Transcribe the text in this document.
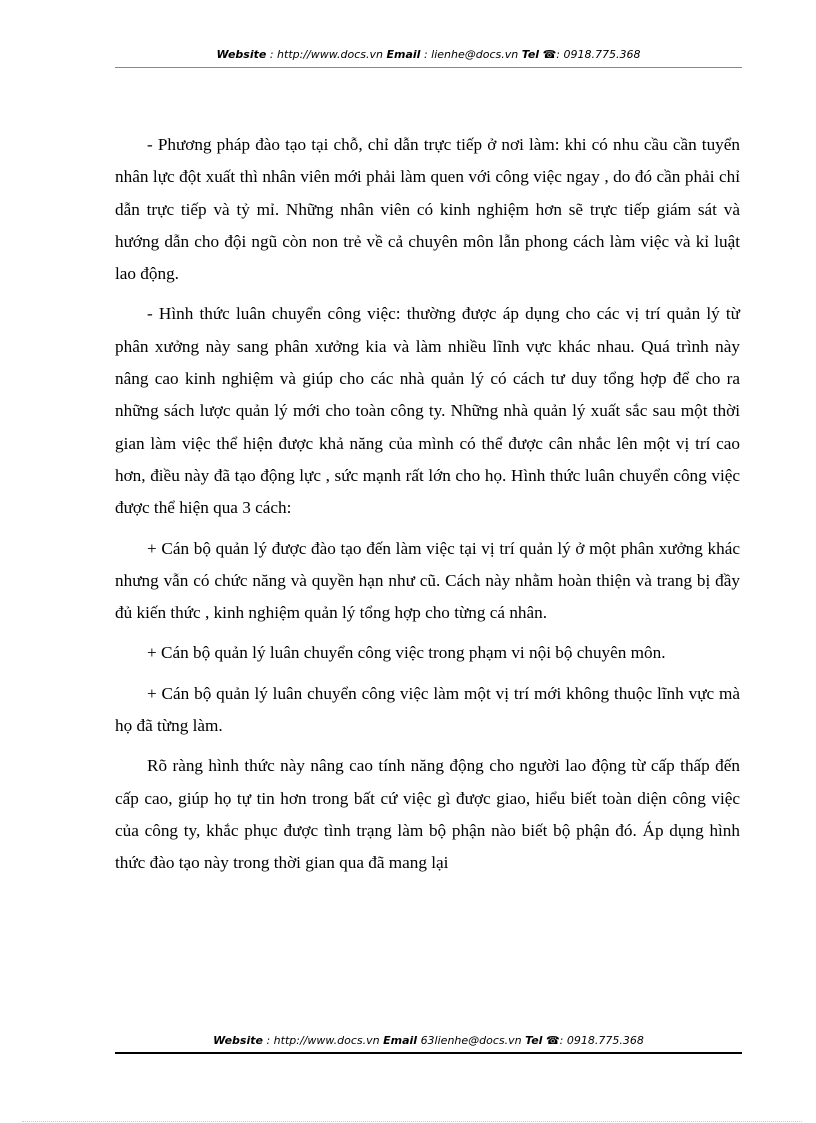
Website : http://www.docs.vn Email : lienhe@docs.vn Tel ☎: 0918.775.368

- Phương pháp đào tạo tại chỗ, chỉ dẫn trực tiếp ở nơi làm: khi có nhu cầu cần tuyển nhân lực đột xuất thì nhân viên mới phải làm quen với công việc ngay , do đó cần phải chỉ dẫn trực tiếp và tỷ mỉ. Những nhân viên có kinh nghiệm hơn sẽ trực tiếp giám sát và hướng dẫn cho đội ngũ còn non trẻ về cả chuyên môn lẫn phong cách làm việc và kỉ luật lao động.

- Hình thức luân chuyển công việc: thường được áp dụng cho các vị trí quản lý từ phân xưởng này sang phân xưởng kia và làm nhiều lĩnh vực khác nhau. Quá trình này nâng cao kinh nghiệm và giúp cho các nhà quản lý có cách tư duy tổng hợp để cho ra những sách lược quản lý mới cho toàn công ty. Những nhà quản lý xuất sắc sau một thời gian làm việc thể hiện được khả năng của mình có thể được cân nhắc lên một vị trí cao hơn, điều này đã tạo động lực , sức mạnh rất lớn cho họ. Hình thức luân chuyển công việc được thể hiện qua 3 cách:

+ Cán bộ quản lý được đào tạo đến làm việc tại vị trí quản lý ở một phân xưởng khác nhưng vẫn có chức năng và quyền hạn như cũ. Cách này nhằm hoàn thiện và trang bị đầy đủ kiến thức , kinh nghiệm quản lý tổng hợp cho từng cá nhân.

+ Cán bộ quản lý luân chuyển công việc trong phạm vi nội bộ chuyên môn.

+ Cán bộ quản lý luân chuyển công việc làm một vị trí mới không thuộc lĩnh vực mà họ đã từng làm.

Rõ ràng hình thức này nâng cao tính năng động cho người lao động từ cấp thấp đến cấp cao, giúp họ tự tin hơn trong bất cứ việc gì được giao, hiểu biết toàn diện công việc của công ty, khắc phục được tình trạng làm bộ phận nào biết bộ phận đó. Áp dụng hình thức đào tạo này trong thời gian qua đã mang lại

Website : http://www.docs.vn Email 63lienhe@docs.vn Tel ☎: 0918.775.368
